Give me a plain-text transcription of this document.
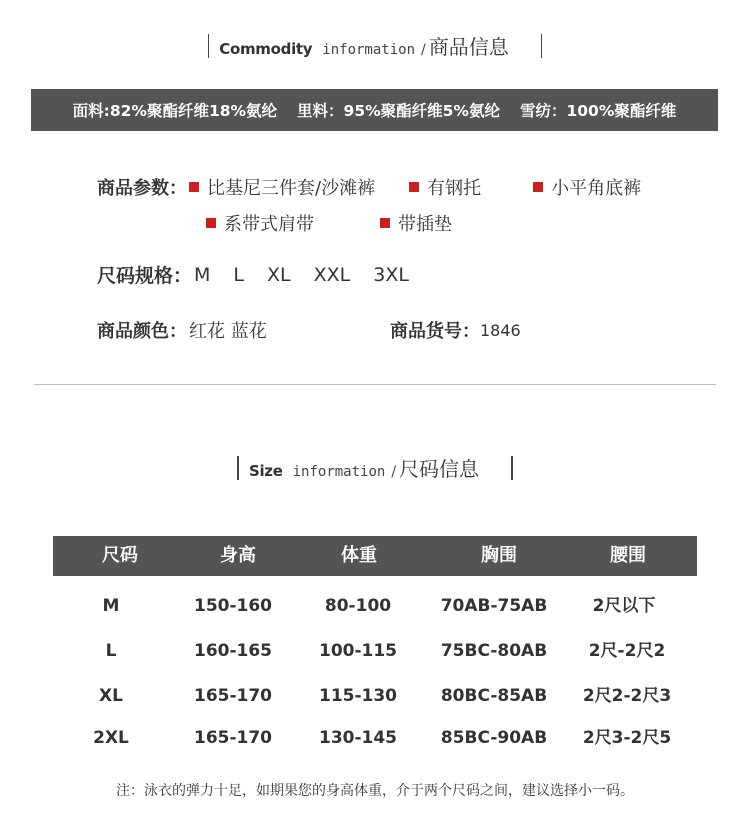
Commodity information / 商品信息
面料:82%聚酯纤维18%氨纶 里料：95%聚酯纤维5%氨纶 雪纺：100%聚酯纤维
商品参数： 比基尼三件套/沙滩裤	有钢托	小平角底裤
系带式肩带	带插垫
尺码规格： M L XL XXL 3XL
商品颜色： 红花 蓝花	商品货号： 1846
Size information / 尺码信息
尺码	身高	体重	胸围	腰围
M	150-160	80-100	70AB-75AB	2尺以下
L	160-165	100-115	75BC-80AB 2尺-2尺2
XL	165-170	115-130	80BC-85AB 2尺2-2尺3
2XL	165-170	130-145	85BC-90AB 2尺3-2尺5
注：泳衣的弹力十足，如期果您的身高体重，介于两个尺码之间，建议选择小一码。
